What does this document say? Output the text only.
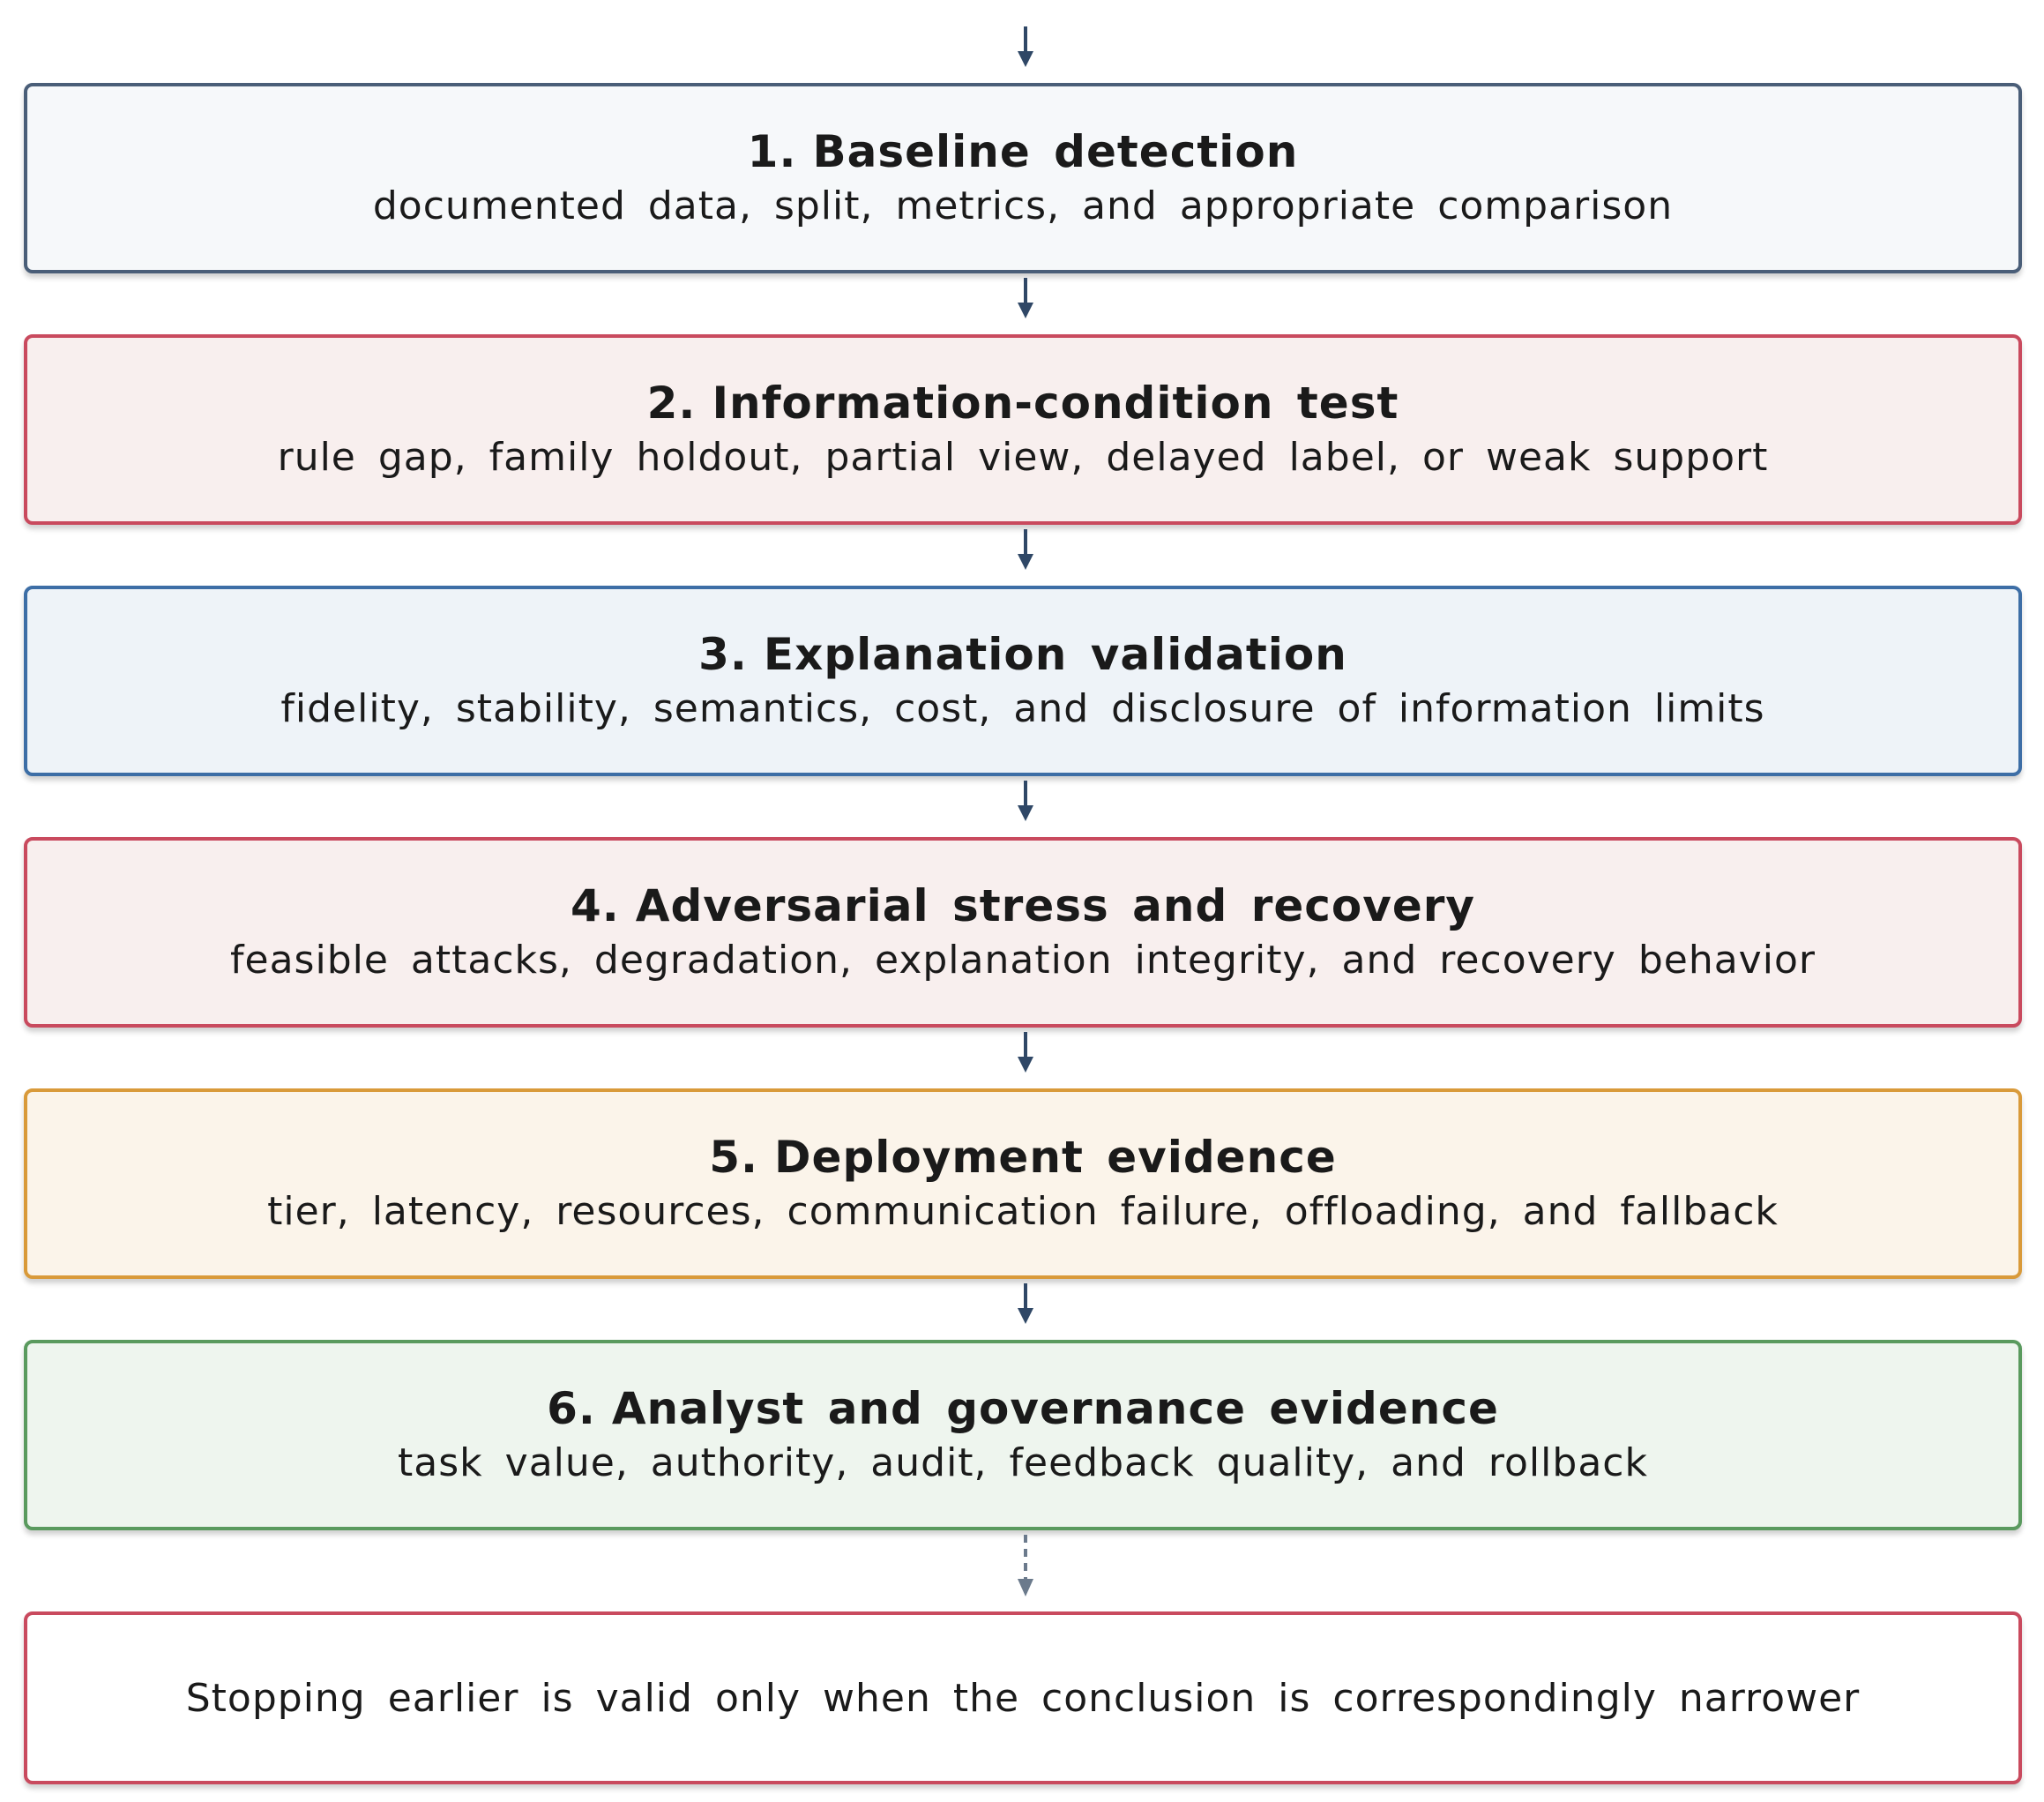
1. Baseline detection
documented data, split, metrics, and appropriate comparison
2. Information-condition test
rule gap, family holdout, partial view, delayed label, or weak support
3. Explanation validation
fidelity, stability, semantics, cost, and disclosure of information limits
4. Adversarial stress and recovery
feasible attacks, degradation, explanation integrity, and recovery behavior
5. Deployment evidence
tier, latency, resources, communication failure, offloading, and fallback
6. Analyst and governance evidence
task value, authority, audit, feedback quality, and rollback
Stopping earlier is valid only when the conclusion is correspondingly narrower
